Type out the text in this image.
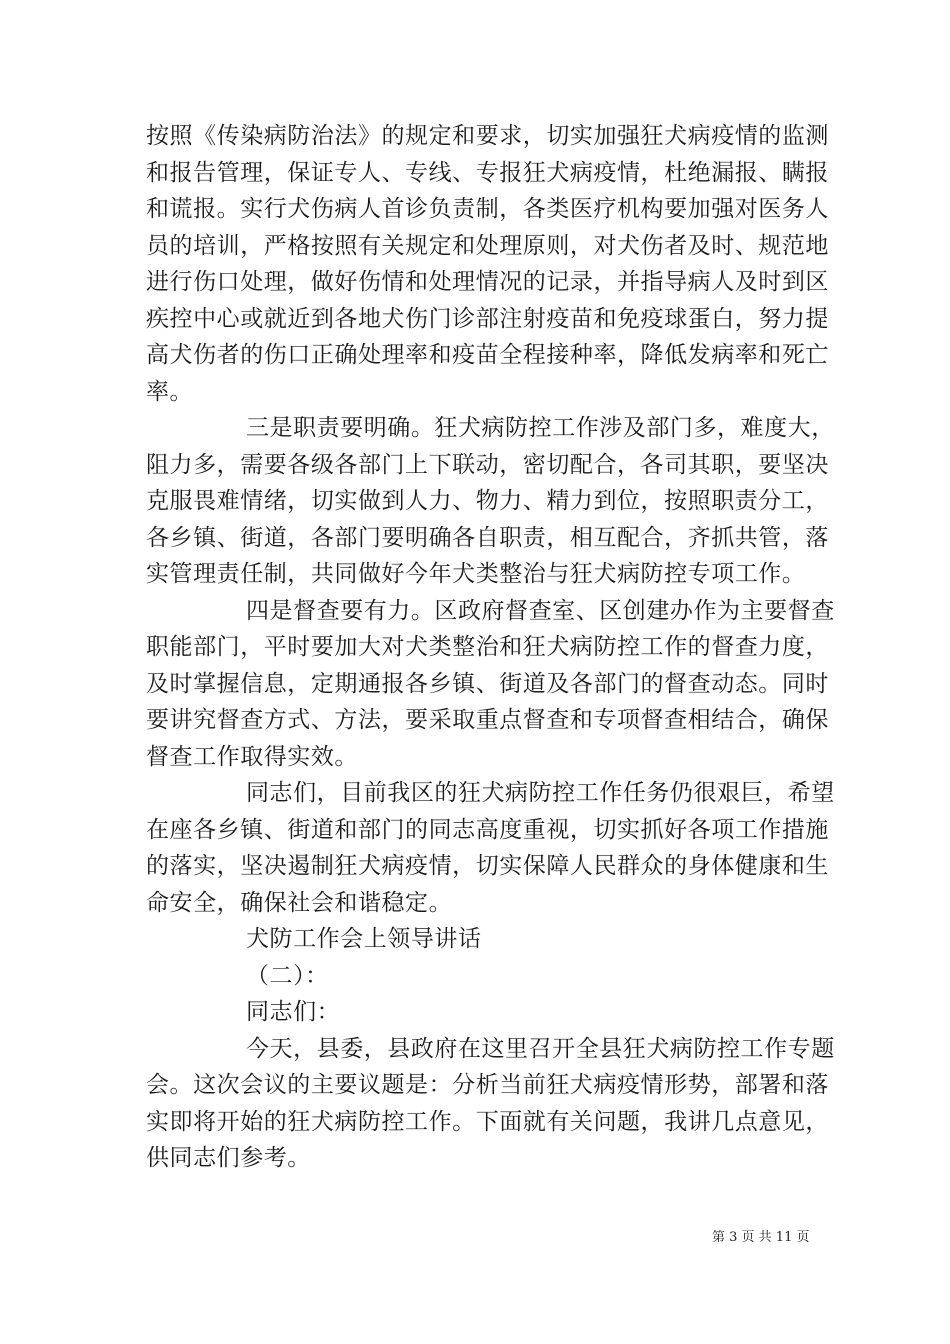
按照《传染病防治法》的规定和要求，切实加强狂犬病疫情的监测
和报告管理，保证专人、专线、专报狂犬病疫情，杜绝漏报、瞒报
和谎报。实行犬伤病人首诊负责制，各类医疗机构要加强对医务人
员的培训，严格按照有关规定和处理原则，对犬伤者及时、规范地
进行伤口处理，做好伤情和处理情况的记录，并指导病人及时到区
疾控中心或就近到各地犬伤门诊部注射疫苗和免疫球蛋白，努力提
高犬伤者的伤口正确处理率和疫苗全程接种率，降低发病率和死亡
率。
三是职责要明确。狂犬病防控工作涉及部门多，难度大，
阻力多，需要各级各部门上下联动，密切配合，各司其职，要坚决
克服畏难情绪，切实做到人力、物力、精力到位，按照职责分工，
各乡镇、街道，各部门要明确各自职责，相互配合，齐抓共管，落
实管理责任制，共同做好今年犬类整治与狂犬病防控专项工作。
四是督查要有力。区政府督查室、区创建办作为主要督查
职能部门，平时要加大对犬类整治和狂犬病防控工作的督查力度，
及时掌握信息，定期通报各乡镇、街道及各部门的督查动态。同时
要讲究督查方式、方法，要采取重点督查和专项督查相结合，确保
督查工作取得实效。
同志们，目前我区的狂犬病防控工作任务仍很艰巨，希望
在座各乡镇、街道和部门的同志高度重视，切实抓好各项工作措施
的落实，坚决遏制狂犬病疫情，切实保障人民群众的身体健康和生
命安全，确保社会和谐稳定。
犬防工作会上领导讲话
（二）：
同志们：
今天，县委，县政府在这里召开全县狂犬病防控工作专题
会。这次会议的主要议题是：分析当前狂犬病疫情形势，部署和落
实即将开始的狂犬病防控工作。下面就有关问题，我讲几点意见，
供同志们参考。
第 3 页 共 11 页
